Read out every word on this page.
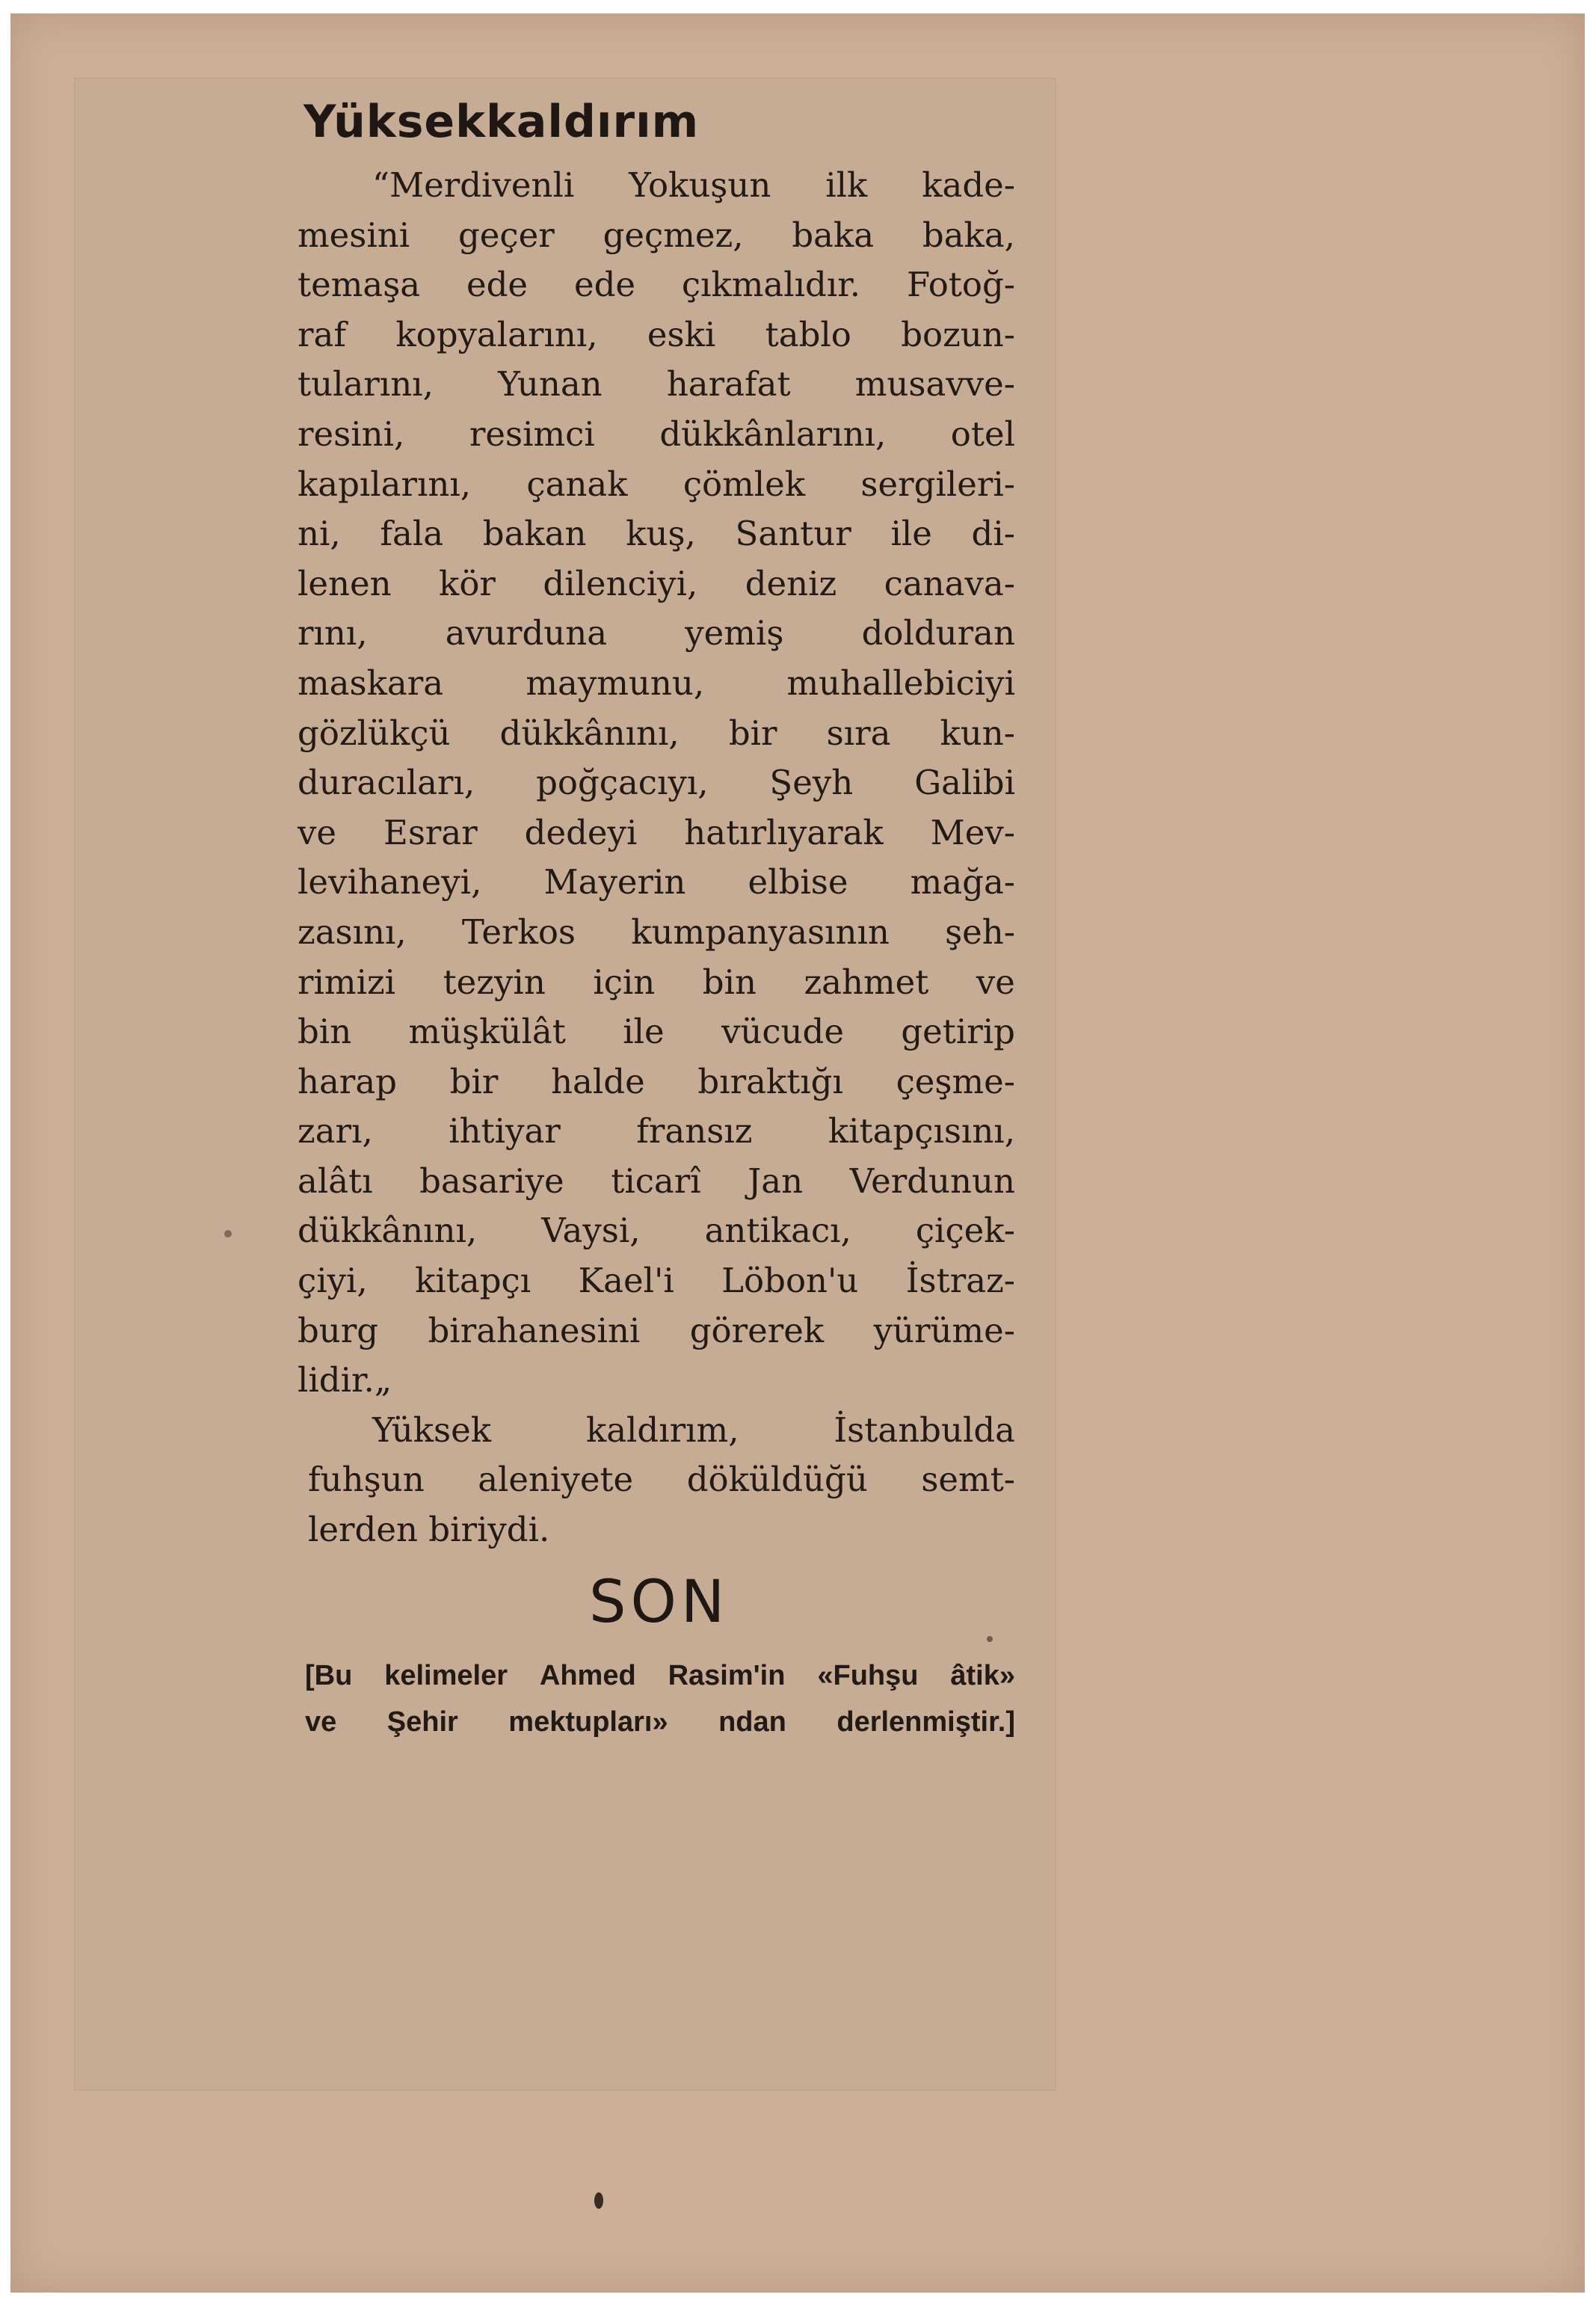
Yüksekkaldırım
“Merdivenli Yokuşun ilk kade-
mesini geçer geçmez, baka baka,
temaşa ede ede çıkmalıdır. Fotoğ-
raf kopyalarını, eski tablo bozun-
tularını, Yunan harafat musavve-
resini, resimci dükkânlarını, otel
kapılarını, çanak çömlek sergileri-
ni, fala bakan kuş, Santur ile di-
lenen kör dilenciyi, deniz canava-
rını, avurduna yemiş dolduran
maskara maymunu, muhallebiciyi
gözlükçü dükkânını, bir sıra kun-
duracıları, poğçacıyı, Şeyh Galibi
ve Esrar dedeyi hatırlıyarak Mev-
levihaneyi, Mayerin elbise mağa-
zasını, Terkos kumpanyasının şeh-
rimizi tezyin için bin zahmet ve
bin müşkülât ile vücude getirip
harap bir halde bıraktığı çeşme-
zarı, ihtiyar fransız kitapçısını,
alâtı basariye ticarî Jan Verdunun
dükkânını, Vaysi, antikacı, çiçek-
çiyi, kitapçı Kael'i Löbon'u İstraz-
burg birahanesini görerek yürüme-
lidir.„
Yüksek	kaldırım,	İstanbulda
fuhşun aleniyete döküldüğü semt-
lerden biriydi.
SON
[Bu kelimeler Ahmed Rasim'in «Fuhşu âtik»
ve Şehir mektupları» ndan derlenmiştir.]
